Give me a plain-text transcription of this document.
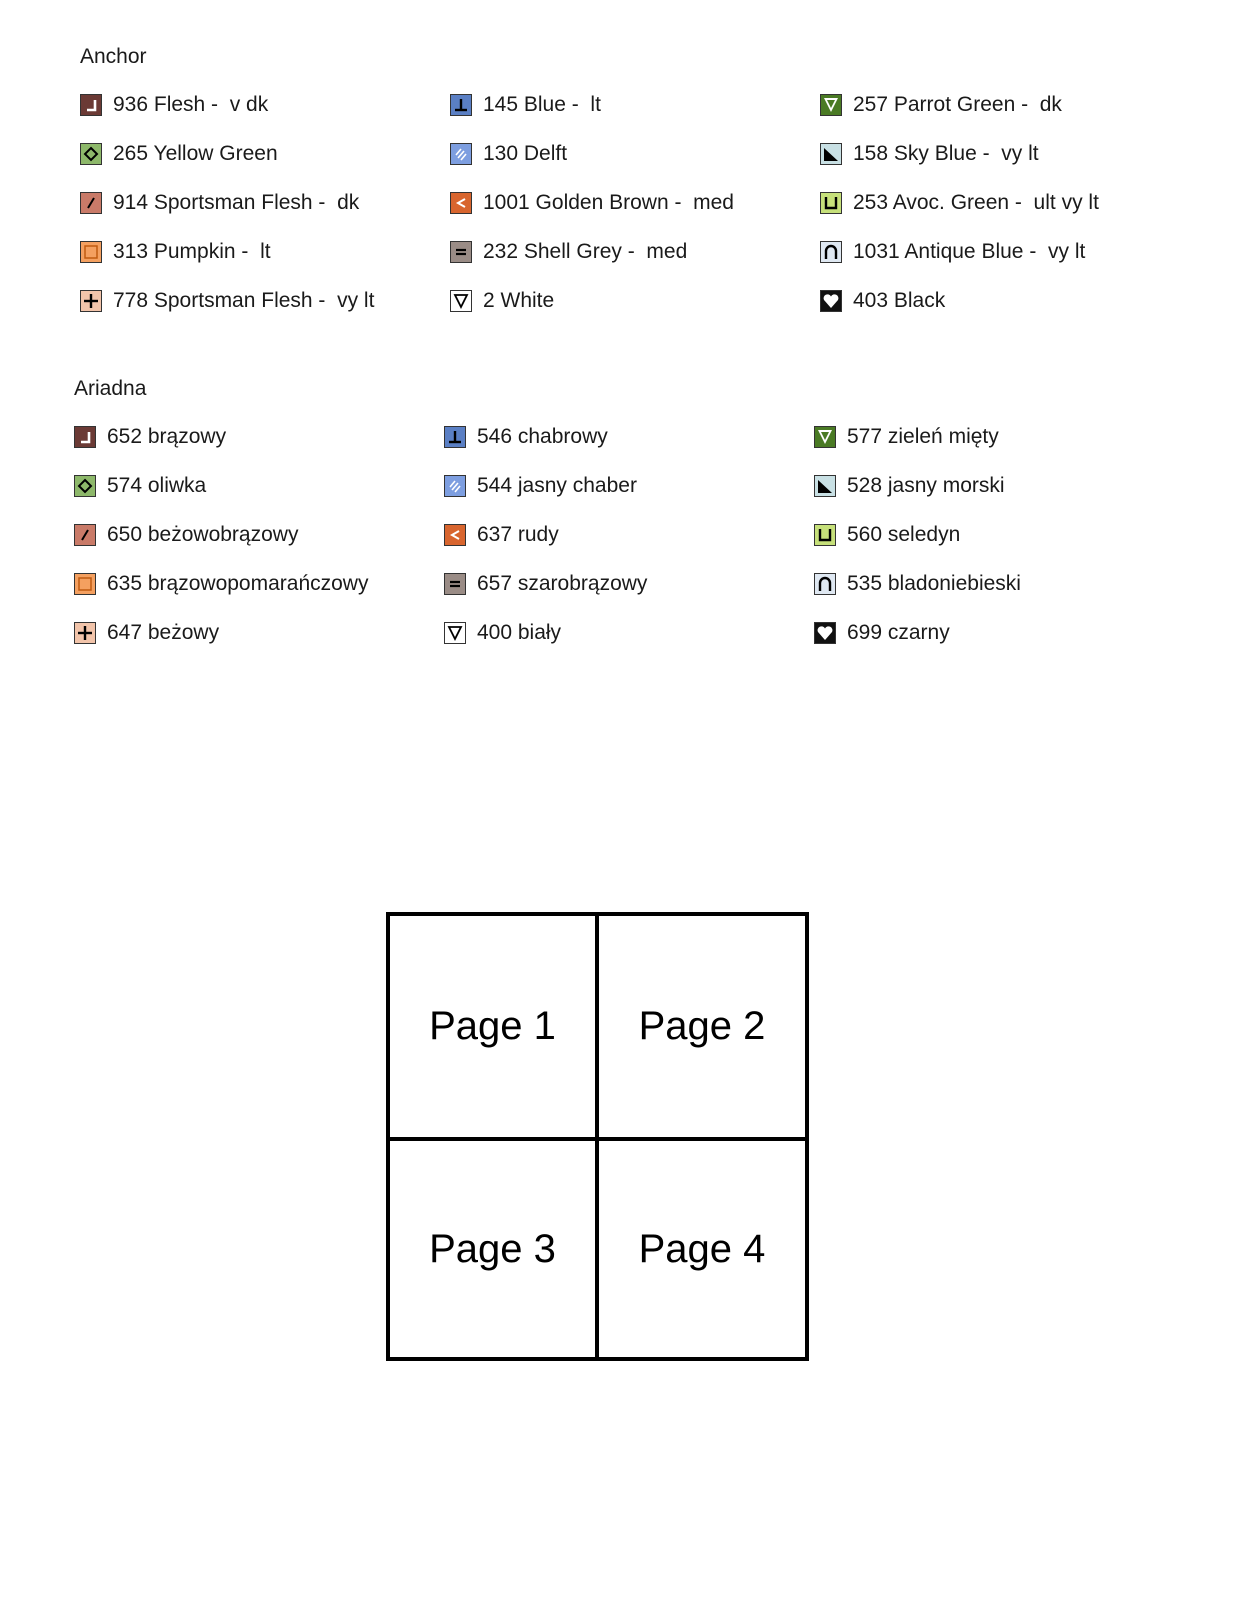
Anchor
936 Flesh -  v dk
265 Yellow Green
914 Sportsman Flesh -  dk
313 Pumpkin -  lt
778 Sportsman Flesh -  vy lt
145 Blue -  lt
130 Delft
1001 Golden Brown -  med
232 Shell Grey -  med
2 White
257 Parrot Green -  dk
158 Sky Blue -  vy lt
253 Avoc. Green -  ult vy lt
1031 Antique Blue -  vy lt
403 Black
Ariadna
652 brązowy
574 oliwka
650 beżowobrązowy
635 brązowopomarańczowy
647 beżowy
546 chabrowy
544 jasny chaber
637 rudy
657 szarobrązowy
400 biały
577 zieleń mięty
528 jasny morski
560 seledyn
535 bladoniebieski
699 czarny
Page 1	Page 2
Page 3	Page 4
